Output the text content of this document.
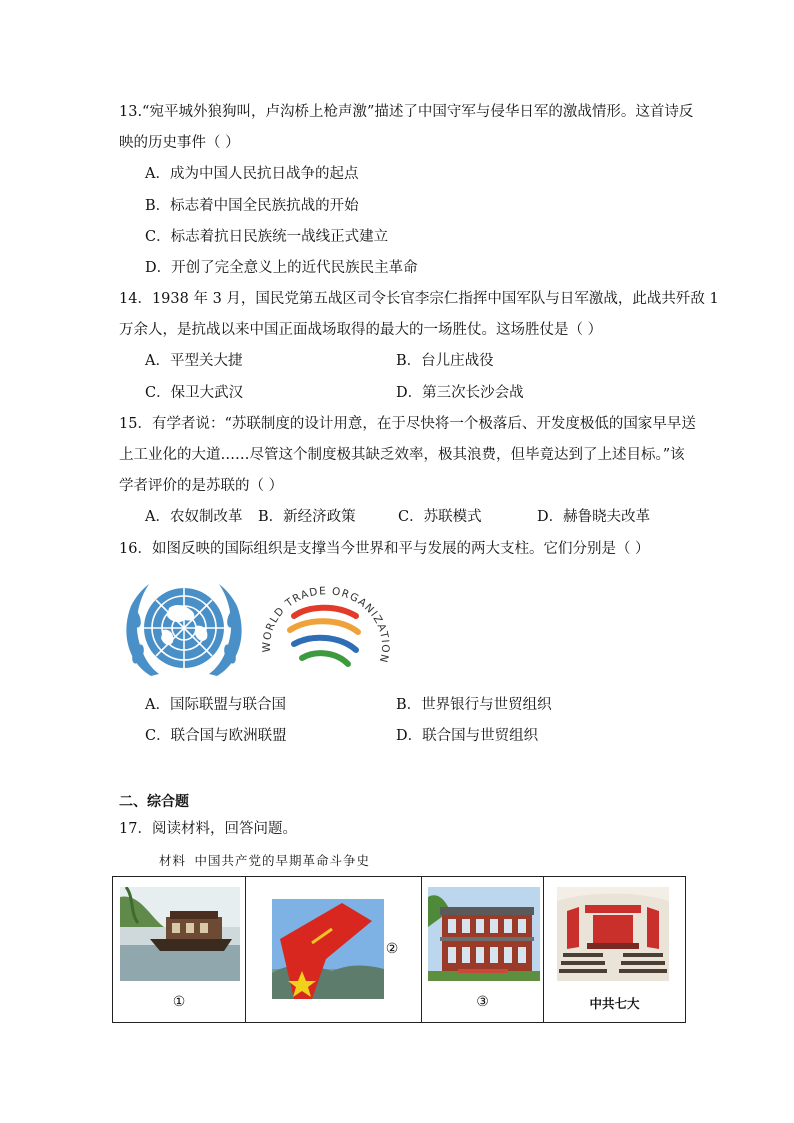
13.“宛平城外狼狗叫，卢沟桥上枪声激”描述了中国守军与侵华日军的激战情形。这首诗反
映的历史事件（ ）
A．成为中国人民抗日战争的起点
B．标志着中国全民族抗战的开始
C．标志着抗日民族统一战线正式建立
D．开创了完全意义上的近代民族民主革命
14．1938 年 3 月，国民党第五战区司令长官李宗仁指挥中国军队与日军激战，此战共歼敌 1
万余人，是抗战以来中国正面战场取得的最大的一场胜仗。这场胜仗是（ ）
A．平型关大捷	B．台儿庄战役
C．保卫大武汉	D．第三次长沙会战
15．有学者说：“苏联制度的设计用意，在于尽快将一个极落后、开发度极低的国家早早送
上工业化的大道……尽管这个制度极其缺乏效率，极其浪费，但毕竟达到了上述目标。”该
学者评价的是苏联的（ ）
A．农奴制改革 B．新经济政策	C．苏联模式	D．赫鲁晓夫改革
16．如图反映的国际组织是支撑当今世界和平与发展的两大支柱。它们分别是（ ）
WORLD TRADE ORGANIZATION
A．国际联盟与联合国	B．世界银行与世贸组织
C．联合国与欧洲联盟	D．联合国与世贸组织
二、综合题
17．阅读材料，回答问题。
材料 中国共产党的早期革命斗争史
①

②

③	中共七大
